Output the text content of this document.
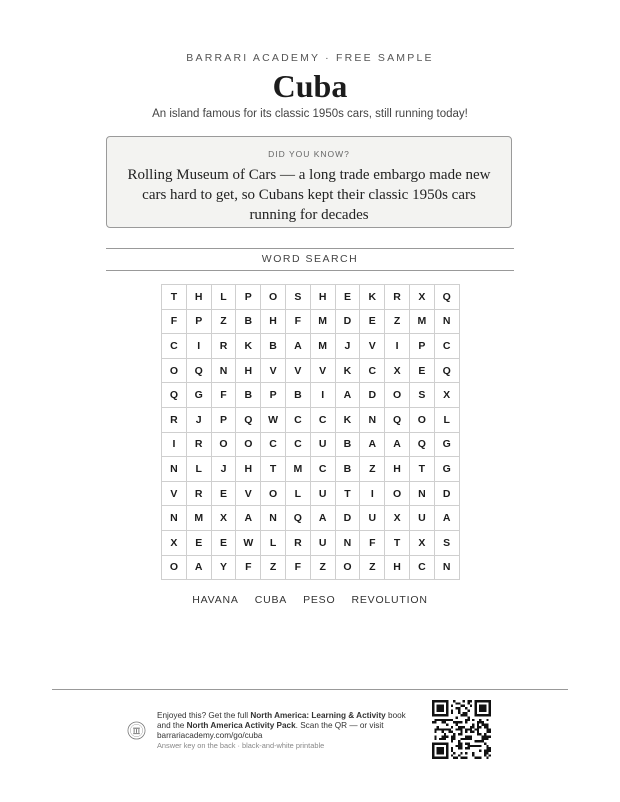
BARRARI ACADEMY · FREE SAMPLE
Cuba
An island famous for its classic 1950s cars, still running today!
DID YOU KNOW?
Rolling Museum of Cars — a long trade embargo made new cars hard to get, so Cubans kept their classic 1950s cars running for decades
WORD SEARCH
T	H	L	P	O	S	H	E	K	R	X	Q
F	P	Z	B	H	F	M	D	E	Z	M	N
C	I	R	K	B	A	M	J	V	I	P	C
O	Q	N	H	V	V	V	K	C	X	E	Q
Q	G	F	B	P	B	I	A	D	O	S	X
R	J	P	Q	W	C	C	K	N	Q	O	L
I	R	O	O	C	C	U	B	A	A	Q	G
N	L	J	H	T	M	C	B	Z	H	T	G
V	R	E	V	O	L	U	T	I	O	N	D
N	M	X	A	N	Q	A	D	U	X	U	A
X	E	E	W	L	R	U	N	F	T	X	S
O	A	Y	F	Z	F	Z	O	Z	H	C	N
HAVANA CUBA PESO REVOLUTION
Enjoyed this? Get the full North America: Learning & Activity book
and the North America Activity Pack. Scan the QR — or visit
barrariacademy.com/go/cuba
Answer key on the back · black-and-white printable
